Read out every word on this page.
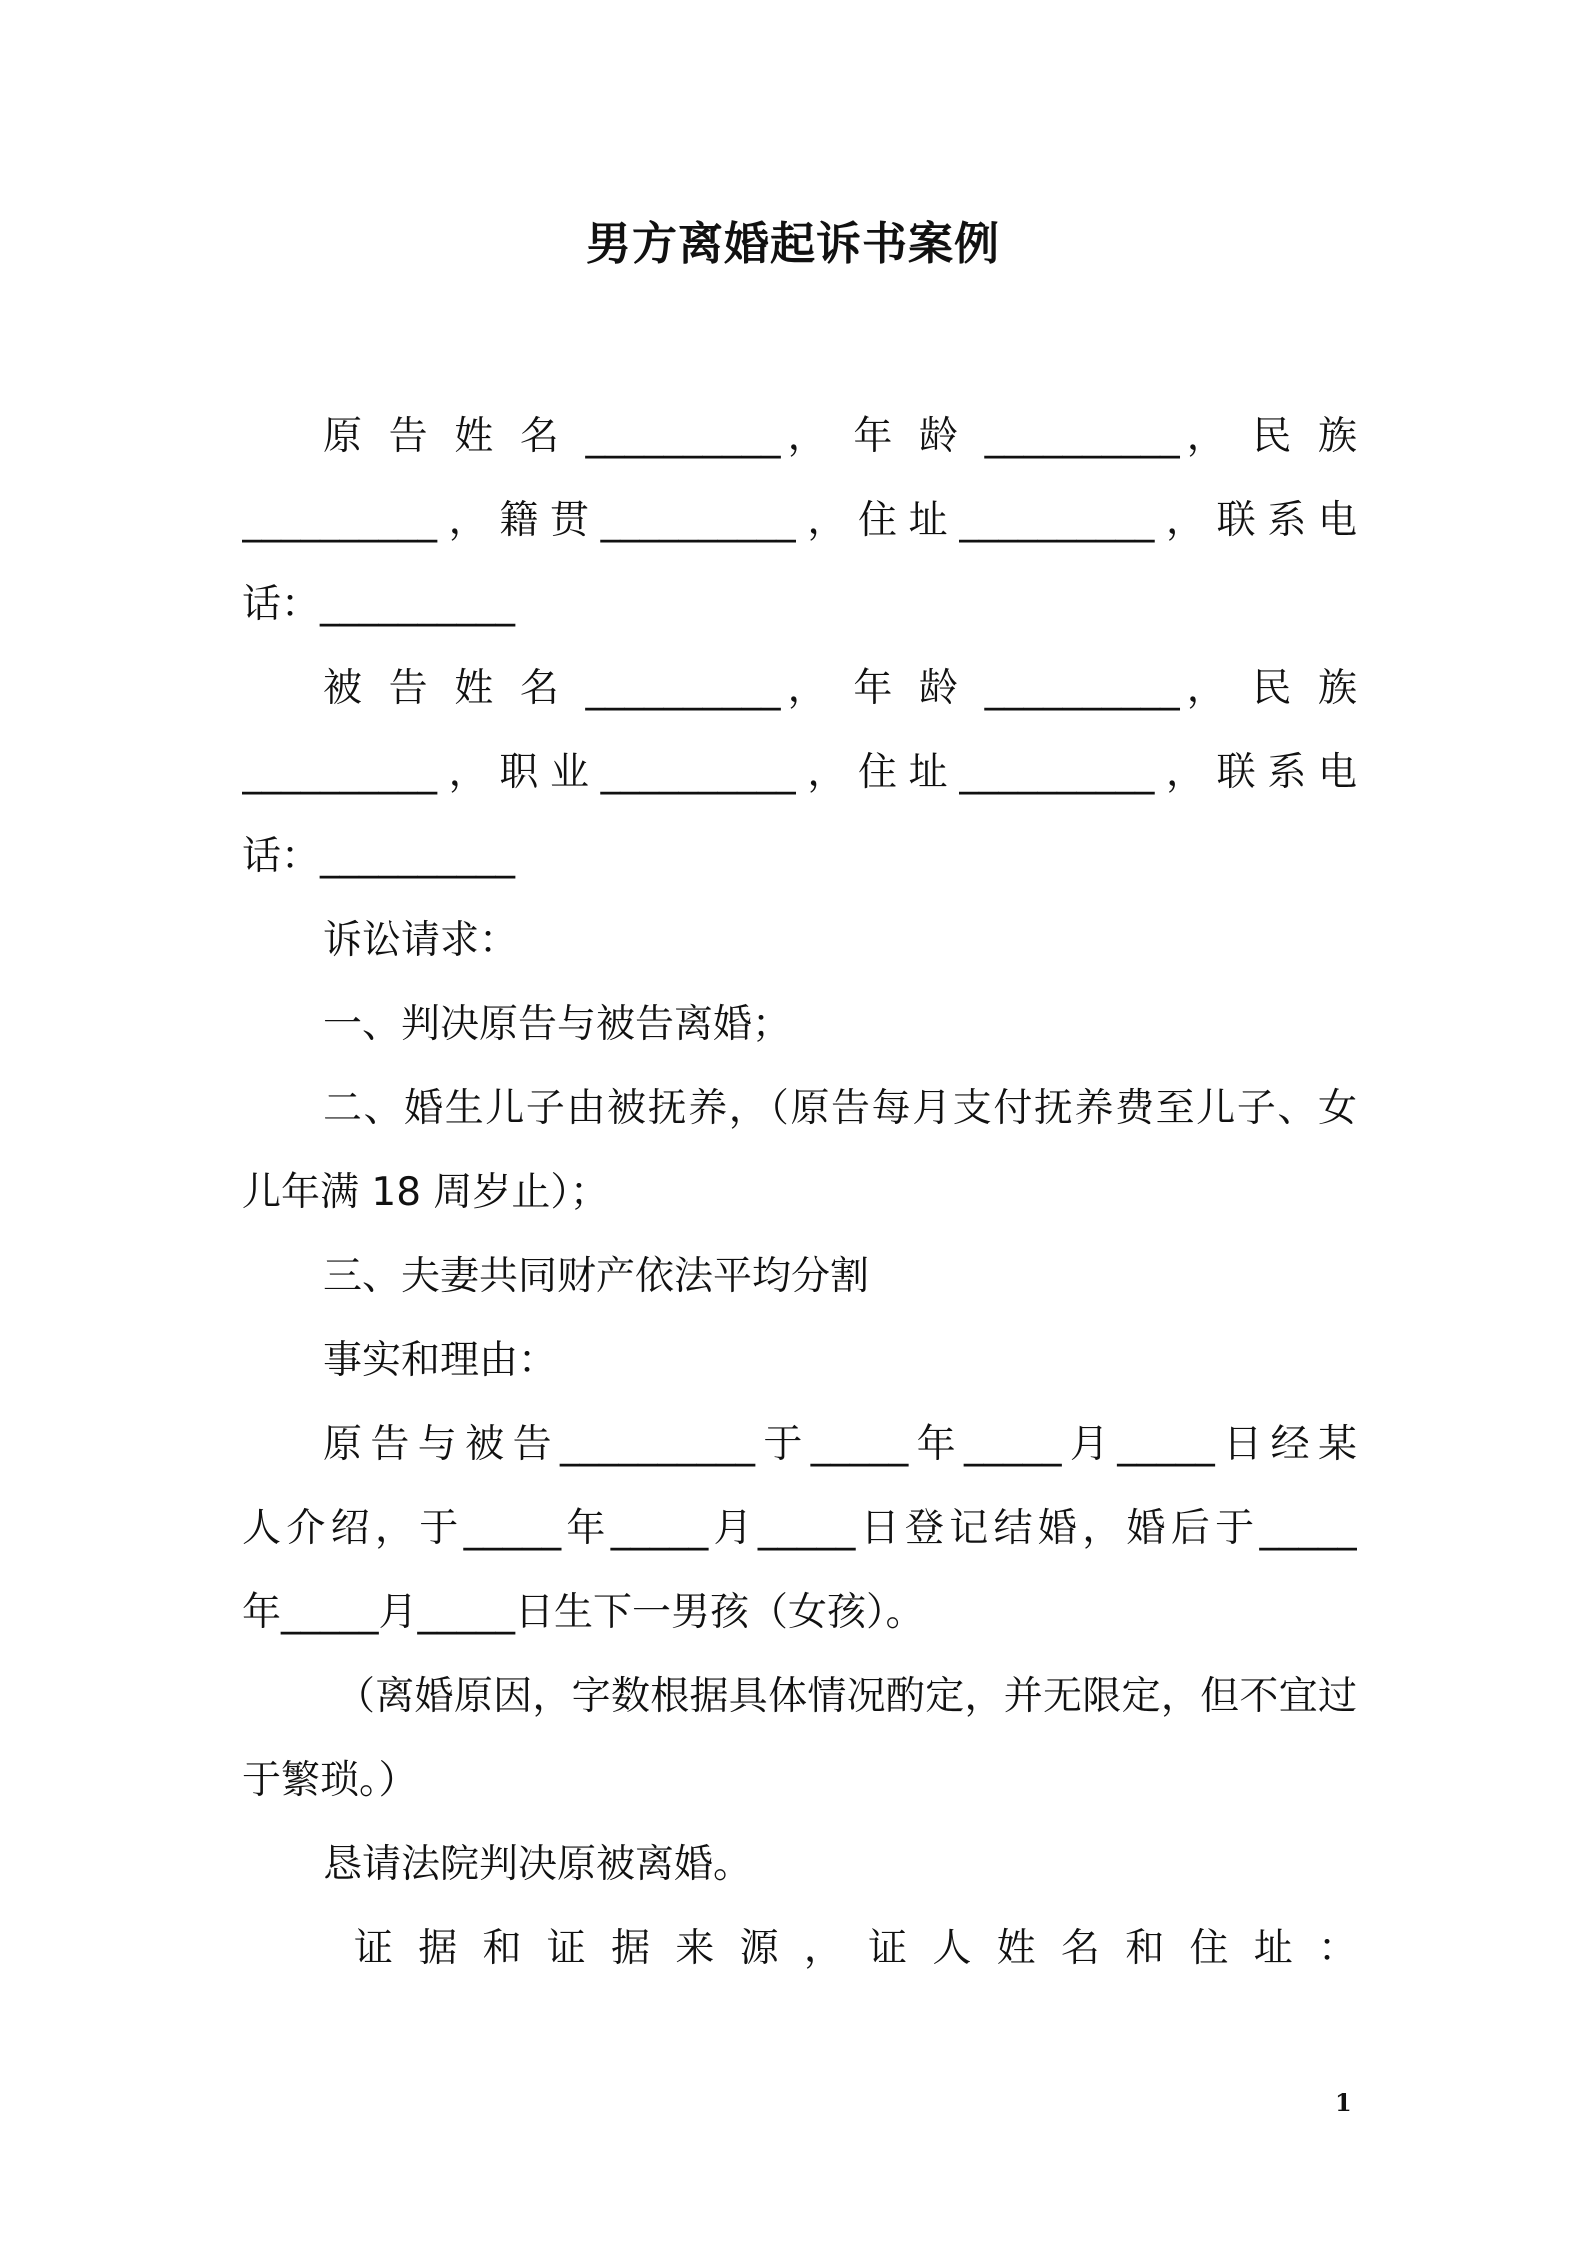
男方离婚起诉书案例
原 告 姓 名 __________， 年 龄 __________， 民 族
__________，籍贯__________，住址__________，联系电
话：__________
被 告 姓 名 __________， 年 龄 __________， 民 族
__________，职业__________，住址__________，联系电
话：__________
诉讼请求：
一、判决原告与被告离婚；
二、婚生儿子由被抚养，（原告每月支付抚养费至儿子、女
儿年满 18 周岁止）；
三、夫妻共同财产依法平均分割
事实和理由：
原告与被告__________于_____年_____月_____日经某
人介绍，于_____年_____月_____日登记结婚，婚后于_____
年_____月_____日生下一男孩（女孩）。
（离婚原因，字数根据具体情况酌定，并无限定，但不宜过
于繁琐。）
恳请法院判决原被离婚。
证 据 和 证 据 来 源 ， 证 人 姓 名 和 住 址 ：
1
